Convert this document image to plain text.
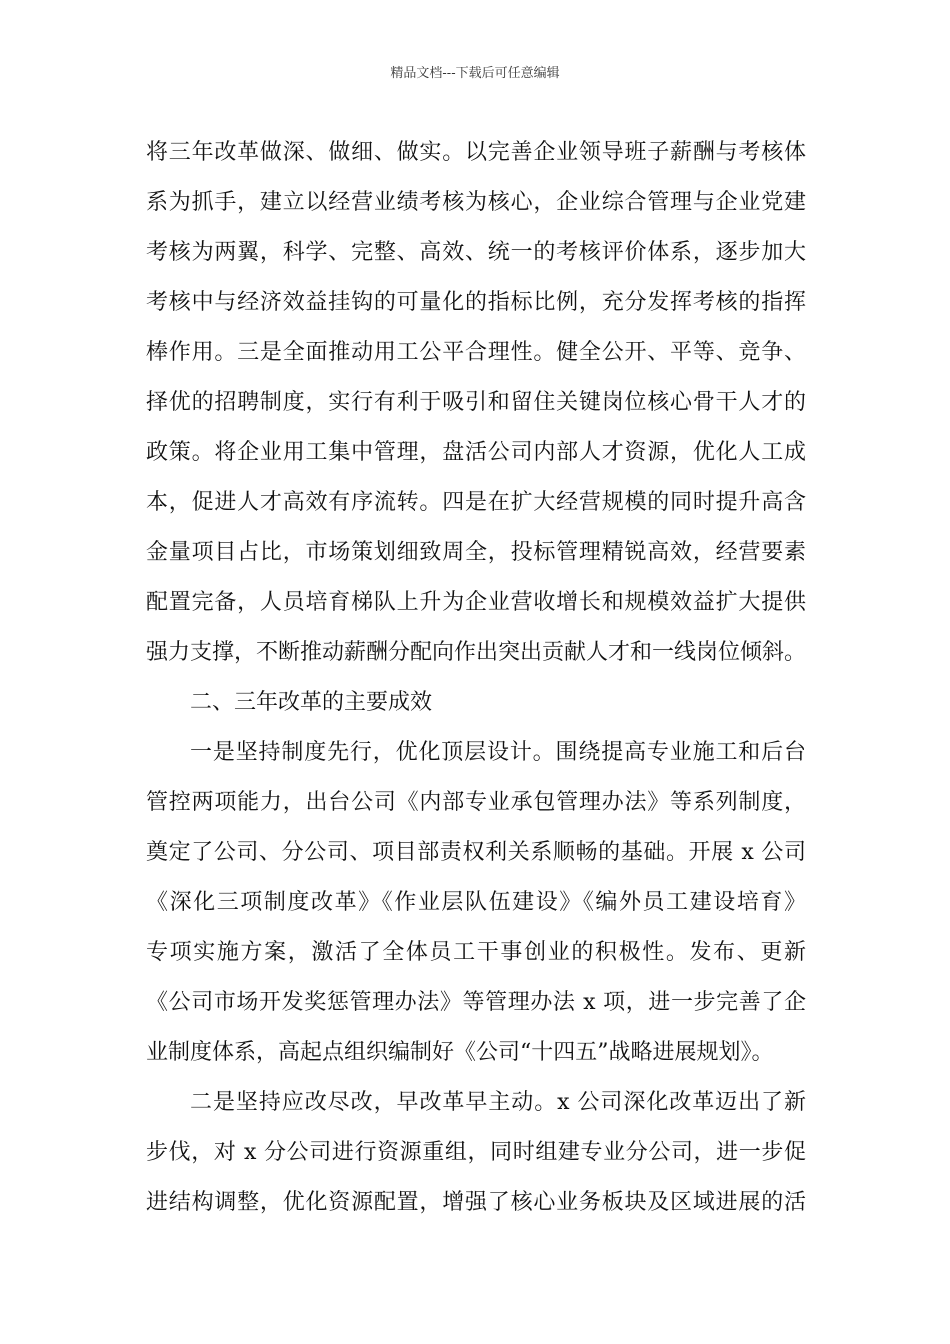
精品文档---下载后可任意编辑
将三年改革做深、做细、做实。以完善企业领导班子薪酬与考核体
系为抓手，建立以经营业绩考核为核心，企业综合管理与企业党建
考核为两翼，科学、完整、高效、统一的考核评价体系，逐步加大
考核中与经济效益挂钩的可量化的指标比例，充分发挥考核的指挥
棒作用。三是全面推动用工公平合理性。健全公开、平等、竞争、
择优的招聘制度，实行有利于吸引和留住关键岗位核心骨干人才的
政策。将企业用工集中管理，盘活公司内部人才资源，优化人工成
本，促进人才高效有序流转。四是在扩大经营规模的同时提升高含
金量项目占比，市场策划细致周全，投标管理精锐高效，经营要素
配置完备，人员培育梯队上升为企业营收增长和规模效益扩大提供
强力支撑，不断推动薪酬分配向作出突出贡献人才和一线岗位倾斜。
二、三年改革的主要成效
一是坚持制度先行，优化顶层设计。围绕提高专业施工和后台
管控两项能力，出台公司《内部专业承包管理办法》等系列制度，
奠定了公司、分公司、项目部责权利关系顺畅的基础。开展 x 公司
《深化三项制度改革》《作业层队伍建设》《编外员工建设培育》
专项实施方案，激活了全体员工干事创业的积极性。发布、更新
《公司市场开发奖惩管理办法》等管理办法 x 项，进一步完善了企
业制度体系，高起点组织编制好《公司“十四五”战略进展规划》。
二是坚持应改尽改，早改革早主动。x 公司深化改革迈出了新
步伐，对 x 分公司进行资源重组，同时组建专业分公司，进一步促
进结构调整，优化资源配置，增强了核心业务板块及区域进展的活
